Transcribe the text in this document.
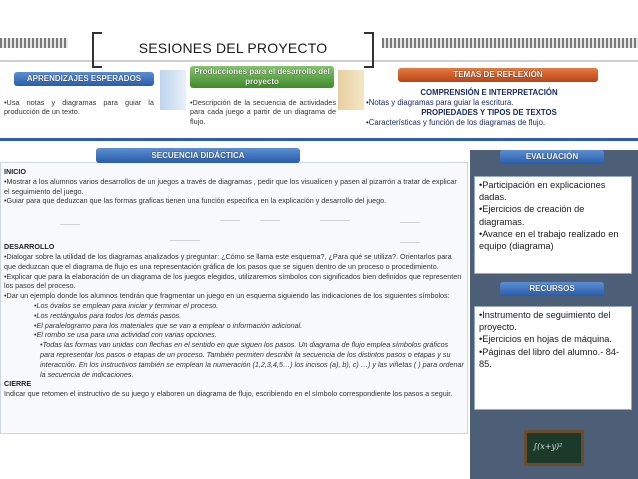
SESIONES DEL PROYECTO
APRENDIZAJES ESPERADOS
Producciones para el desarrollo del proyecto
TEMAS DE REFLEXIÓN
•Usa notas y diagramas para guiar la producción de un texto.
•Descripción de la secuencia de actividades para cada juego a partir de un diagrama de flujo.
COMPRENSIÓN E INTERPRETACIÓN
•Notas y diagramas para guiar la escritura.
PROPIEDADES Y TIPOS DE TEXTOS
•Características y función de los diagramas de flujo.
SECUENCIA DIDÁCTICA
INICIO
•Mostrar a los alumnos varios desarrollos de un juegos a través de diagramas , pedir que los visualicen y pasen al pizarrón a tratar de explicar el seguimiento del juego.
•Guiar para que deduzcan que las formas graficas tienen una función especifica en la explicación y desarrollo del juego.
DESARROLLO
•Dialogar sobre la utilidad de los diagramas analizados y preguntar: ¿Cómo se llama este esquema?, ¿Para qué se utiliza?. Orientarlos para que deduzcan que el diagrama de flujo es una representación gráfica de los pasos que se siguen dentro de un proceso o procedimiento.
•Explicar que para la elaboración de un diagrama de los juegos elegidos, utilizaremos símbolos con significados bien definidos que representen los pasos del proceso.
•Dar un ejemplo donde los alumnos tendrán que fragmentar un juego en un esquema siguiendo las indicaciones de los siguientes símbolos:
•Los óvalos se emplean para iniciar y terminar el proceso.
•Los rectángulos para todos los demás pasos.
•El paralelogramo para los materiales que se van a emplear o información adicional.
•El rombo se usa para una actividad con varias opciones.
•Todas las formas van unidas con flechas en el sentido en que siguen los pasos. Un diagrama de flujo emplea símbolos gráficos para representar los pasos o etapas de un proceso. También permiten describir la secuencia de los distintos pasos o etapas y su interacción. En los instructivos también se emplean la numeración (1,2,3,4,5…) los incisos (a), b), c) …) y las viñetas ( ) para ordenar la secuencia de indicaciones.
CIERRE
Indicar que retomen el instructivo de su juego y elaboren un diagrama de flujo, escribiendo en el símbolo correspondiente los pasos a seguir.
EVALUACIÓN
•Participación en explicaciones dadas.
•Ejercicios de creación de diagramas.
•Avance en el trabajo realizado en equipo (diagrama)
RECURSOS
•Instrumento de seguimiento del proyecto.
•Ejercicios en hojas de máquina.
•Páginas del libro del alumno.- 84-85.
∫(x+y)²
